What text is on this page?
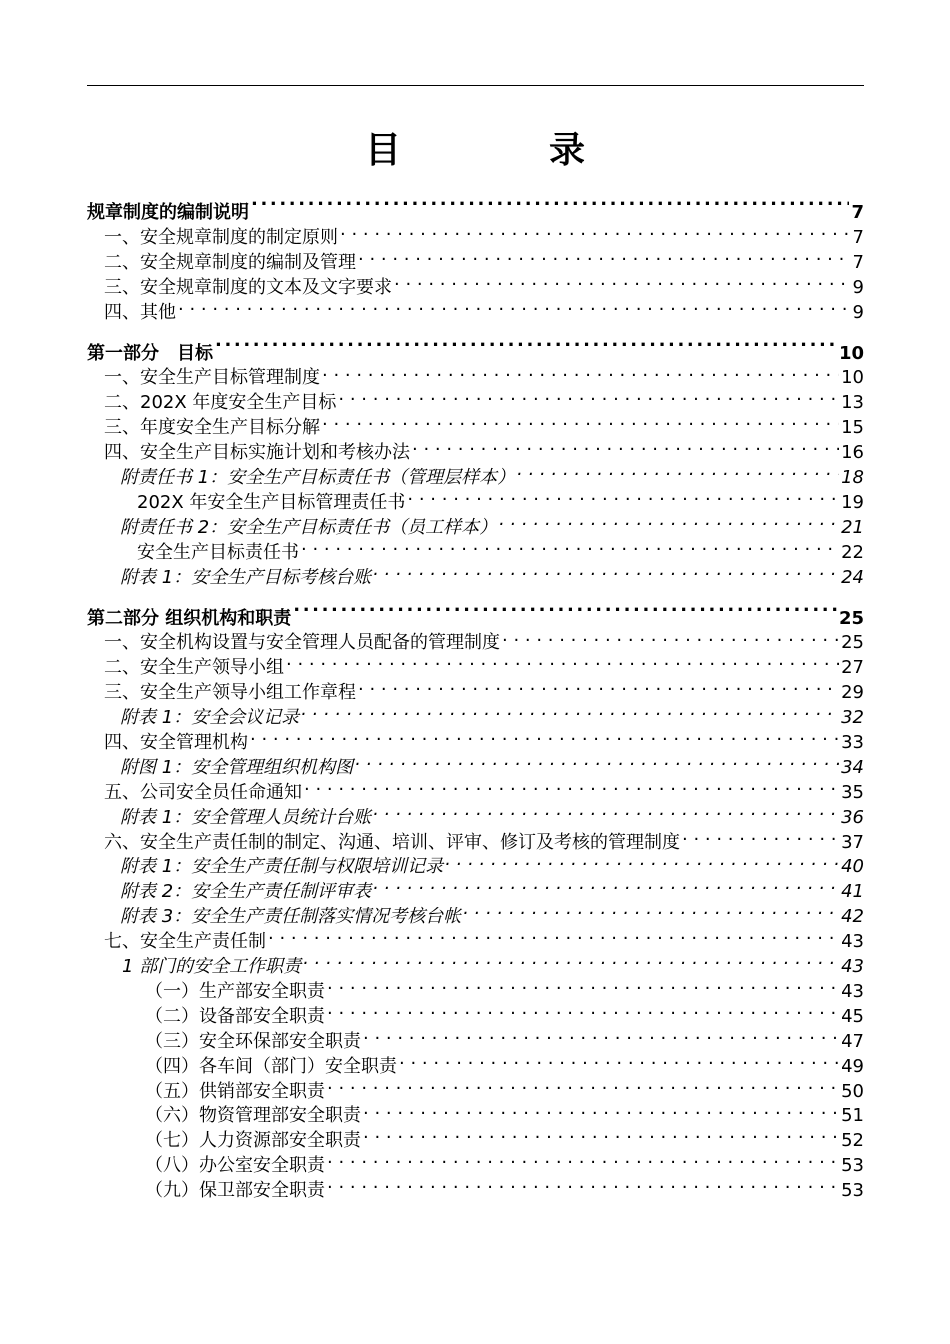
目　录
规章制度的编制说明 .....	7
一、安全规章制度的制定原则 . . .	7
二、安全规章制度的编制及管理 . . .	7
三、安全规章制度的文本及文字要求 . . .	9
四、其他 . . .	9
第一部分　目标 .....	10
一、安全生产目标管理制度 . . .	10
二、202X 年度安全生产目标 . . .	13
三、年度安全生产目标分解 . . .	15
四、安全生产目标实施计划和考核办法 . . .	16
附责任书 1：安全生产目标责任书（管理层样本） . . .	18
202X 年安全生产目标管理责任书 . . .	19
附责任书 2：安全生产目标责任书（员工样本） . . .	21
安全生产目标责任书 . . .	22
附表 1：安全生产目标考核台账 . . .	24
第二部分 组织机构和职责 .....	25
一、安全机构设置与安全管理人员配备的管理制度 . . .	25
二、安全生产领导小组 . . .	27
三、安全生产领导小组工作章程 . . .	29
附表 1：安全会议记录 . . .	32
四、安全管理机构 . . .	33
附图 1：安全管理组织机构图 . . .	34
五、公司安全员任命通知 . . .	35
附表 1：安全管理人员统计台账 . . .	36
六、安全生产责任制的制定、沟通、培训、评审、修订及考核的管理制度 . . .	37
附表 1：安全生产责任制与权限培训记录 . . .	40
附表 2：安全生产责任制评审表 . . .	41
附表 3：安全生产责任制落实情况考核台帐 . . .	42
七、安全生产责任制 . . .	43
1 部门的安全工作职责 . . .	43
（一）生产部安全职责 . . .	43
（二）设备部安全职责 . . .	45
（三）安全环保部安全职责 . . .	47
（四）各车间（部门）安全职责 . . .	49
（五）供销部安全职责 . . .	50
（六）物资管理部安全职责 . . .	51
（七）人力资源部安全职责 . . .	52
（八）办公室安全职责 . . .	53
（九）保卫部安全职责 . . .	53
